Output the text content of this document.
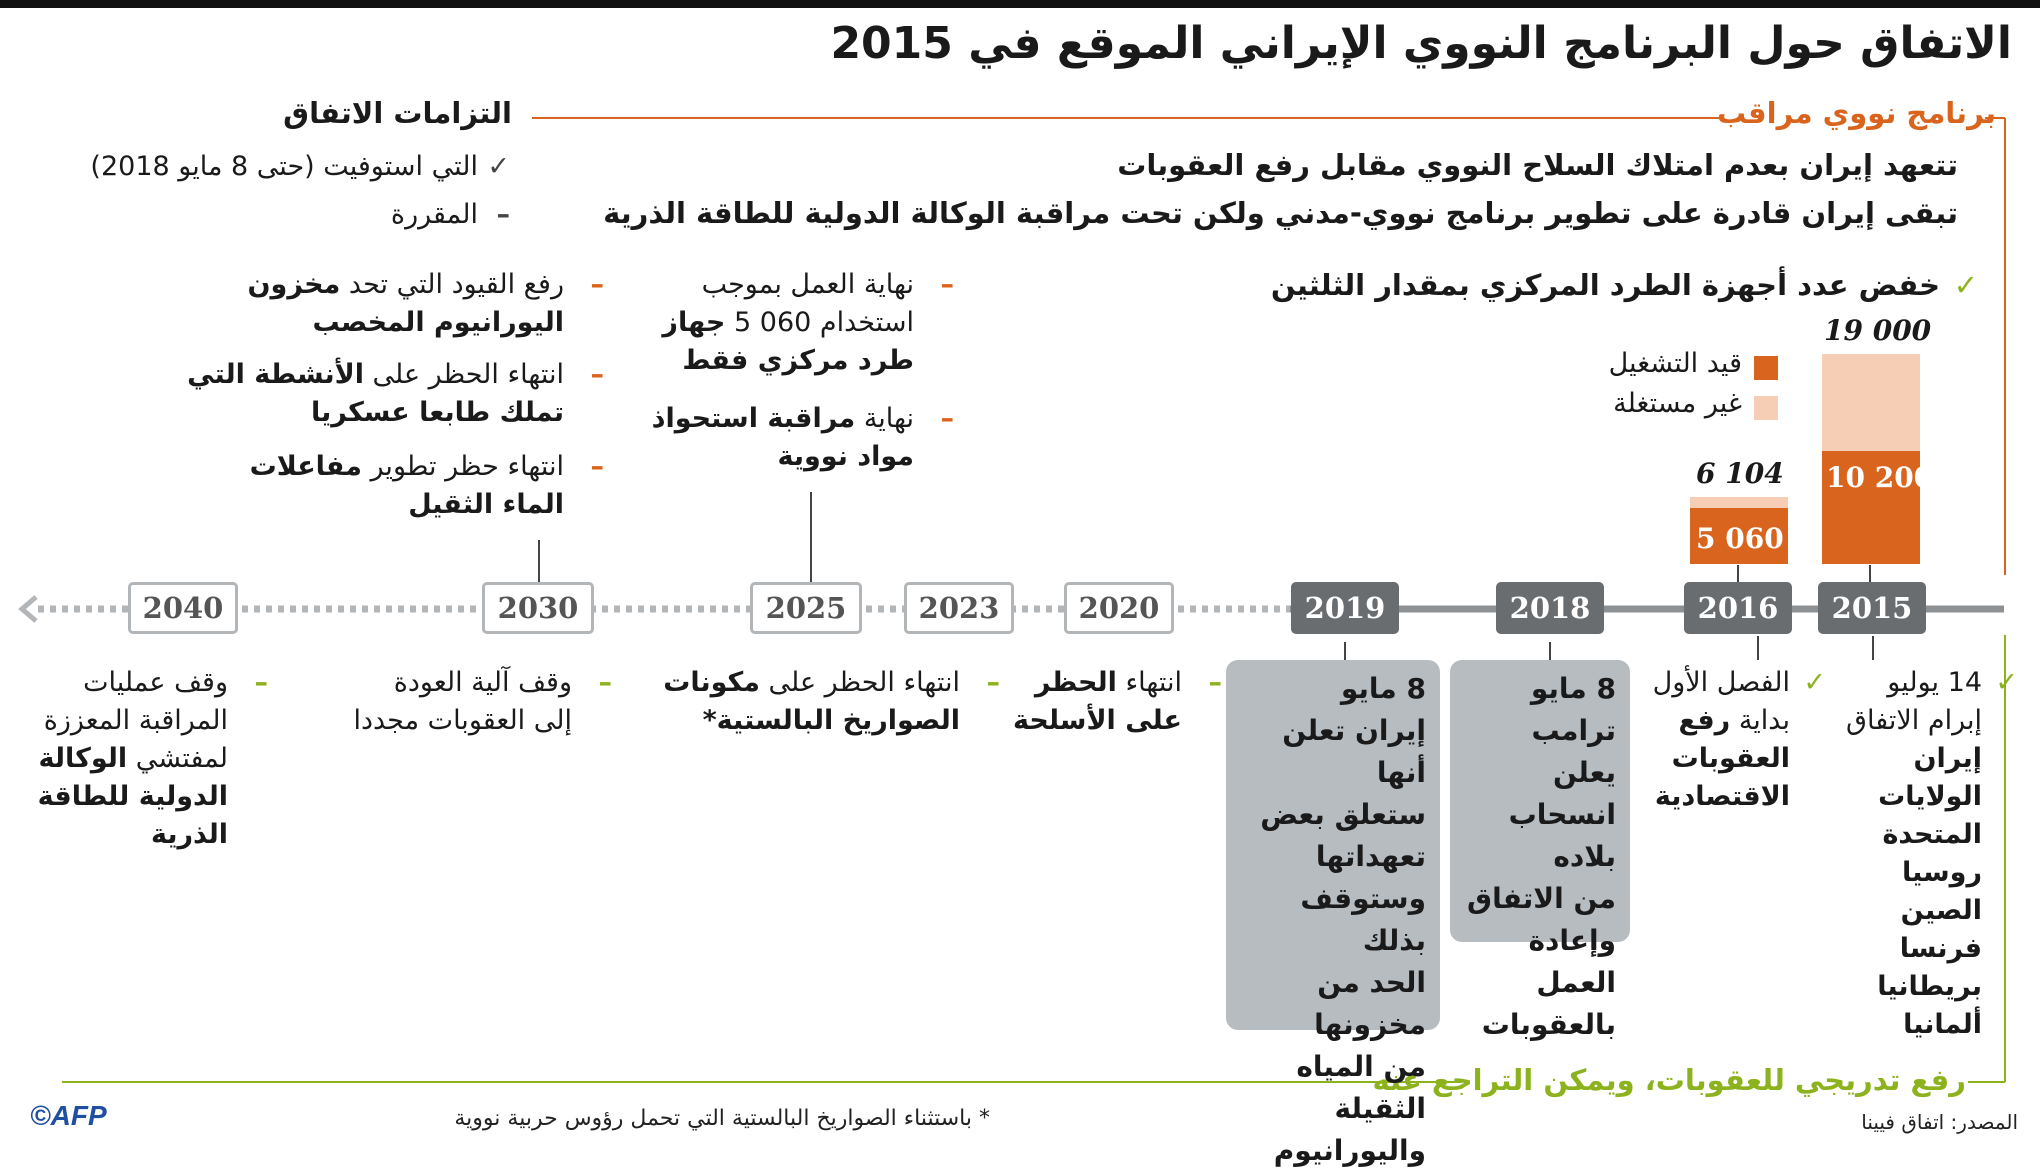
الاتفاق حول البرنامج النووي الإيراني الموقع في 2015
برنامج نووي مراقب
رفع تدريجي للعقوبات، ويمكن التراجع عنه
التزامات الاتفاق
✓
التي استوفيت (حتى 8 مايو 2018)
–
المقررة
تتعهد إيران بعدم امتلاك السلاح النووي مقابل رفع العقوبات
تبقى إيران قادرة على تطوير برنامج نووي-مدني ولكن تحت مراقبة الوكالة الدولية للطاقة الذرية
✓
خفض عدد أجهزة الطرد المركزي بمقدار الثلثين
قيد التشغيل
غير مستغلة
19 000
10 200
6 104
5 060
2015
2016
2018
2019
2020
2023
2025
2030
2040
–
نهاية العمل بموجب
استخدام 060 5 جهاز
طرد مركزي فقط
–
نهاية مراقبة استحواذ
مواد نووية
–
رفع القيود التي تحد مخزون
اليورانيوم المخصب
–
انتهاء الحظر على الأنشطة التي
تملك طابعا عسكريا
–
انتهاء حظر تطوير مفاعلات
الماء الثقيل
✓
14 يوليو
إبرام الاتفاق
إيران
الولايات
المتحدة
روسيا
الصين
فرنسا
بريطانيا
ألمانيا
✓
الفصل الأول
بداية رفع
العقوبات
الاقتصادية
8 مايو
ترامب يعلن
انسحاب بلاده
من الاتفاق
وإعادة العمل
بالعقوبات
8 مايو
إيران تعلن أنها
ستعلق بعض
تعهداتها
وستوقف بذلك
الحد من مخزونها
من المياه الثقيلة
واليورانيوم
–
انتهاء الحظر
على الأسلحة
–
انتهاء الحظر على مكونات
الصواريخ البالستية*
–
وقف آلية العودة
إلى العقوبات مجددا
–
وقف عمليات
المراقبة المعززة
لمفتشي الوكالة
الدولية للطاقة
الذرية
* باستثناء الصواريخ البالستية التي تحمل رؤوس حربية نووية	المصدر: اتفاق فيينا
©AFP
